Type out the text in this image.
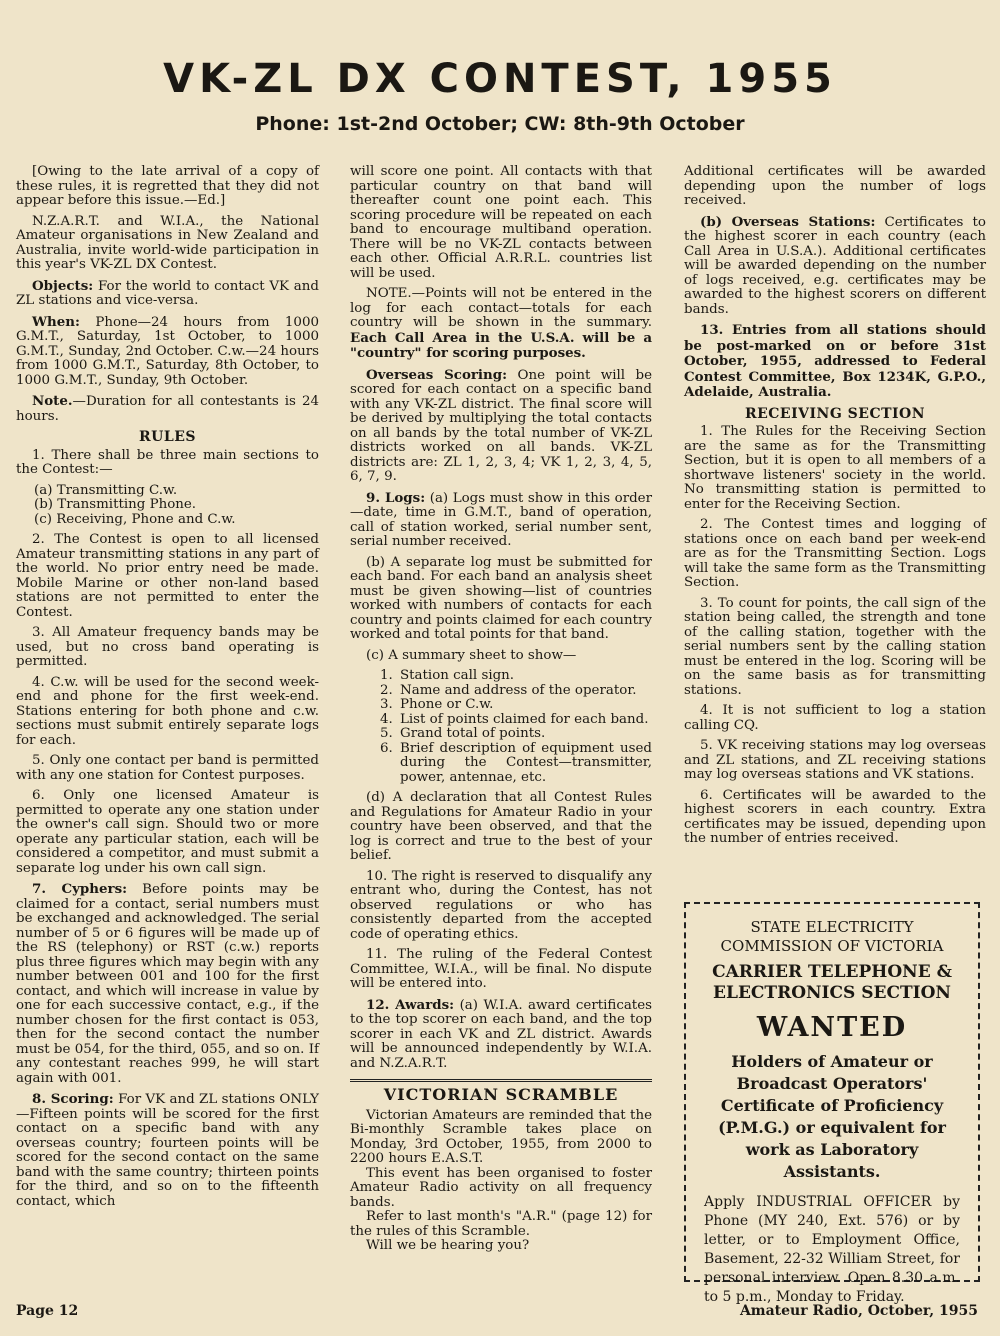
VK-ZL DX CONTEST, 1955
Phone: 1st-2nd October; CW: 8th-9th October

[Owing to the late arrival of a copy of these rules, it is regretted that they did not appear before this issue.—Ed.]

N.Z.A.R.T. and W.I.A., the National Amateur organisations in New Zealand and Australia, invite world-wide participation in this year's VK-ZL DX Contest.

Objects: For the world to contact VK and ZL stations and vice-versa.

When: Phone—24 hours from 1000 G.M.T., Saturday, 1st October, to 1000 G.M.T., Sunday, 2nd October. C.w.—24 hours from 1000 G.M.T., Saturday, 8th October, to 1000 G.M.T., Sunday, 9th October.

Note.—Duration for all contestants is 24 hours.

RULES

1. There shall be three main sections to the Contest:—

(a) Transmitting C.w.
(b) Transmitting Phone.
(c) Receiving, Phone and C.w.

2. The Contest is open to all licensed Amateur transmitting stations in any part of the world. No prior entry need be made. Mobile Marine or other non-land based stations are not permitted to enter the Contest.

3. All Amateur frequency bands may be used, but no cross band operating is permitted.

4. C.w. will be used for the second week-end and phone for the first week-end. Stations entering for both phone and c.w. sections must submit entirely separate logs for each.

5. Only one contact per band is permitted with any one station for Contest purposes.

6. Only one licensed Amateur is permitted to operate any one station under the owner's call sign. Should two or more operate any particular station, each will be considered a competitor, and must submit a separate log under his own call sign.

7. Cyphers: Before points may be claimed for a contact, serial numbers must be exchanged and acknowledged. The serial number of 5 or 6 figures will be made up of the RS (telephony) or RST (c.w.) reports plus three figures which may begin with any number between 001 and 100 for the first contact, and which will increase in value by one for each successive contact, e.g., if the number chosen for the first contact is 053, then for the second contact the number must be 054, for the third, 055, and so on. If any contestant reaches 999, he will start again with 001.

8. Scoring: For VK and ZL stations ONLY—Fifteen points will be scored for the first contact on a specific band with any overseas country; fourteen points will be scored for the second contact on the same band with the same country; thirteen points for the third, and so on to the fifteenth contact, which

will score one point. All contacts with that particular country on that band will thereafter count one point each. This scoring procedure will be repeated on each band to encourage multiband operation. There will be no VK-ZL contacts between each other. Official A.R.R.L. countries list will be used.

NOTE.—Points will not be entered in the log for each contact—totals for each country will be shown in the summary. Each Call Area in the U.S.A. will be a "country" for scoring purposes.

Overseas Scoring: One point will be scored for each contact on a specific band with any VK-ZL district. The final score will be derived by multiplying the total contacts on all bands by the total number of VK-ZL districts worked on all bands. VK-ZL districts are: ZL 1, 2, 3, 4; VK 1, 2, 3, 4, 5, 6, 7, 9.

9. Logs: (a) Logs must show in this order—date, time in G.M.T., band of operation, call of station worked, serial number sent, serial number received.

(b) A separate log must be submitted for each band. For each band an analysis sheet must be given showing—list of countries worked with numbers of contacts for each country and points claimed for each country worked and total points for that band.

(c) A summary sheet to show—

1. Station call sign.
2. Name and address of the operator.
3. Phone or C.w.
4. List of points claimed for each band.
5. Grand total of points.
6. Brief description of equipment used during the Contest—transmitter, power, antennae, etc.

(d) A declaration that all Contest Rules and Regulations for Amateur Radio in your country have been observed, and that the log is correct and true to the best of your belief.

10. The right is reserved to disqualify any entrant who, during the Contest, has not observed regulations or who has consistently departed from the accepted code of operating ethics.

11. The ruling of the Federal Contest Committee, W.I.A., will be final. No dispute will be entered into.

12. Awards: (a) W.I.A. award certificates to the top scorer on each band, and the top scorer in each VK and ZL district. Awards will be announced independently by W.I.A. and N.Z.A.R.T.

VICTORIAN SCRAMBLE

Victorian Amateurs are reminded that the Bi-monthly Scramble takes place on Monday, 3rd October, 1955, from 2000 to 2200 hours E.A.S.T.

This event has been organised to foster Amateur Radio activity on all frequency bands.

Refer to last month's "A.R." (page 12) for the rules of this Scramble.

Will we be hearing you?

Additional certificates will be awarded depending upon the number of logs received.

(b) Overseas Stations: Certificates to the highest scorer in each country (each Call Area in U.S.A.). Additional certificates will be awarded depending on the number of logs received, e.g. certificates may be awarded to the highest scorers on different bands.

13. Entries from all stations should be post-marked on or before 31st October, 1955, addressed to Federal Contest Committee, Box 1234K, G.P.O., Adelaide, Australia.

RECEIVING SECTION

1. The Rules for the Receiving Section are the same as for the Transmitting Section, but it is open to all members of a shortwave listeners' society in the world. No transmitting station is permitted to enter for the Receiving Section.

2. The Contest times and logging of stations once on each band per week-end are as for the Transmitting Section. Logs will take the same form as the Transmitting Section.

3. To count for points, the call sign of the station being called, the strength and tone of the calling station, together with the serial numbers sent by the calling station must be entered in the log. Scoring will be on the same basis as for transmitting stations.

4. It is not sufficient to log a station calling CQ.

5. VK receiving stations may log overseas and ZL stations, and ZL receiving stations may log overseas stations and VK stations.

6. Certificates will be awarded to the highest scorers in each country. Extra certificates may be issued, depending upon the number of entries received.

STATE ELECTRICITY COMMISSION OF VICTORIA
CARRIER TELEPHONE & ELECTRONICS SECTION
WANTED
Holders of Amateur or Broadcast Operators' Certificate of Proficiency (P.M.G.) or equivalent for work as Laboratory Assistants.
Apply INDUSTRIAL OFFICER by Phone (MY 240, Ext. 576) or by letter, or to Employment Office, Basement, 22-32 William Street, for personal interview. Open 8.30 a.m. to 5 p.m., Monday to Friday.
Page 12	Amateur Radio, October, 1955
